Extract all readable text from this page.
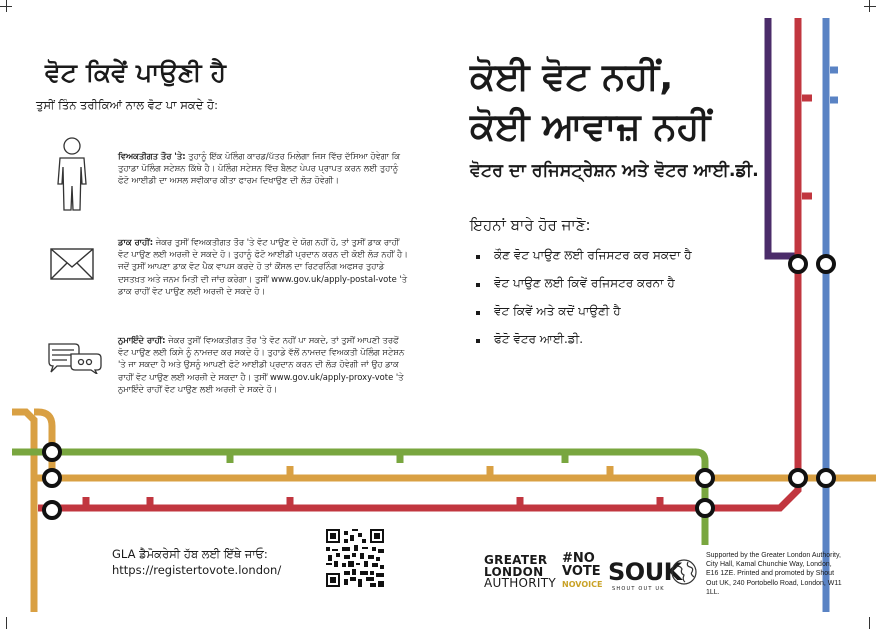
ਵੋਟ ਕਿਵੇਂ ਪਾਉਣੀ ਹੈ
ਤੁਸੀਂ ਤਿੰਨ ਤਰੀਕਿਆਂ ਨਾਲ ਵੋਟ ਪਾ ਸਕਦੇ ਹੋ:
ਵਿਅਕਤੀਗਤ ਤੌਰ 'ਤੇ: ਤੁਹਾਨੂੰ ਇੱਕ ਪੋਲਿੰਗ ਕਾਰਡ/ਪੱਤਰ ਮਿਲੇਗਾ ਜਿਸ ਵਿੱਚ ਦੱਸਿਆ ਹੋਵੇਗਾ ਕਿ ਤੁਹਾਡਾ ਪੋਲਿੰਗ ਸਟੇਸ਼ਨ ਕਿੱਥੇ ਹੈ। ਪੋਲਿੰਗ ਸਟੇਸ਼ਨ ਵਿੱਚ ਬੈਲਟ ਪੇਪਰ ਪ੍ਰਾਪਤ ਕਰਨ ਲਈ ਤੁਹਾਨੂੰ ਫੋਟੋ ਆਈਡੀ ਦਾ ਅਸਲ ਸਵੀਕਾਰ ਕੀਤਾ ਫਾਰਮ ਦਿਖਾਉਣ ਦੀ ਲੋੜ ਹੋਵੇਗੀ।
ਡਾਕ ਰਾਹੀਂ: ਜੇਕਰ ਤੁਸੀਂ ਵਿਅਕਤੀਗਤ ਤੌਰ 'ਤੇ ਵੋਟ ਪਾਉਣ ਦੇ ਯੋਗ ਨਹੀਂ ਹੋ, ਤਾਂ ਤੁਸੀਂ ਡਾਕ ਰਾਹੀਂ ਵੋਟ ਪਾਉਣ ਲਈ ਅਰਜ਼ੀ ਦੇ ਸਕਦੇ ਹੋ। ਤੁਹਾਨੂੰ ਫੋਟੋ ਆਈਡੀ ਪ੍ਰਦਾਨ ਕਰਨ ਦੀ ਕੋਈ ਲੋੜ ਨਹੀਂ ਹੈ। ਜਦੋਂ ਤੁਸੀਂ ਆਪਣਾ ਡਾਕ ਵੋਟ ਪੈਕ ਵਾਪਸ ਕਰਦੇ ਹੋ ਤਾਂ ਕੌਂਸਲ ਦਾ ਰਿਟਰਨਿੰਗ ਅਫਸਰ ਤੁਹਾਡੇ ਦਸਤਖ਼ਤ ਅਤੇ ਜਨਮ ਮਿਤੀ ਦੀ ਜਾਂਚ ਕਰੇਗਾ। ਤੁਸੀਂ www.gov.uk/apply-postal-vote 'ਤੇ ਡਾਕ ਰਾਹੀਂ ਵੋਟ ਪਾਉਣ ਲਈ ਅਰਜ਼ੀ ਦੇ ਸਕਦੇ ਹੋ।
ਨੁਮਾਇੰਦੇ ਰਾਹੀਂ: ਜੇਕਰ ਤੁਸੀਂ ਵਿਅਕਤੀਗਤ ਤੌਰ 'ਤੇ ਵੋਟ ਨਹੀਂ ਪਾ ਸਕਦੇ, ਤਾਂ ਤੁਸੀਂ ਆਪਣੀ ਤਰਫੋਂ ਵੋਟ ਪਾਉਣ ਲਈ ਕਿਸੇ ਨੂੰ ਨਾਮਜ਼ਦ ਕਰ ਸਕਦੇ ਹੋ। ਤੁਹਾਡੇ ਵੱਲੋਂ ਨਾਮਜ਼ਦ ਵਿਅਕਤੀ ਪੋਲਿੰਗ ਸਟੇਸ਼ਨ 'ਤੇ ਜਾ ਸਕਦਾ ਹੈ ਅਤੇ ਉਸਨੂੰ ਆਪਣੀ ਫੋਟੋ ਆਈਡੀ ਪ੍ਰਦਾਨ ਕਰਨ ਦੀ ਲੋੜ ਹੋਵੇਗੀ ਜਾਂ ਉਹ ਡਾਕ ਰਾਹੀਂ ਵੋਟ ਪਾਉਣ ਲਈ ਅਰਜ਼ੀ ਦੇ ਸਕਦਾ ਹੈ। ਤੁਸੀਂ www.gov.uk/apply-proxy-vote 'ਤੇ ਨੁਮਾਇੰਦੇ ਰਾਹੀਂ ਵੋਟ ਪਾਉਣ ਲਈ ਅਰਜ਼ੀ ਦੇ ਸਕਦੇ ਹੋ।
ਕੋਈ ਵੋਟ ਨਹੀਂ,
ਕੋਈ ਆਵਾਜ਼ ਨਹੀਂ
ਵੋਟਰ ਦਾ ਰਜਿਸਟ੍ਰੇਸ਼ਨ ਅਤੇ ਵੋਟਰ ਆਈ.ਡੀ.
ਇਹਨਾਂ ਬਾਰੇ ਹੋਰ ਜਾਣੋ:
ਕੌਣ ਵੋਟ ਪਾਉਣ ਲਈ ਰਜਿਸਟਰ ਕਰ ਸਕਦਾ ਹੈ
ਵੋਟ ਪਾਉਣ ਲਈ ਕਿਵੇਂ ਰਜਿਸਟਰ ਕਰਨਾ ਹੈ
ਵੋਟ ਕਿਵੇਂ ਅਤੇ ਕਦੋਂ ਪਾਉਣੀ ਹੈ
ਫੋਟੋ ਵੋਟਰ ਆਈ.ਡੀ.
GLA ਡੈਮੋਕਰੇਸੀ ਹੱਬ ਲਈ ਇੱਥੇ ਜਾਓ:
https://registertovote.london/
GREATER
LONDON
AUTHORITY
#NO
VOTE
NOVOICE SOUK
SHOUT OUT UK
Supported by the Greater London Authority, City Hall, Kamal Chunchie Way, London, E16 1ZE. Printed and promoted by Shout Out UK, 240 Portobello Road, London, W11 1LL.
